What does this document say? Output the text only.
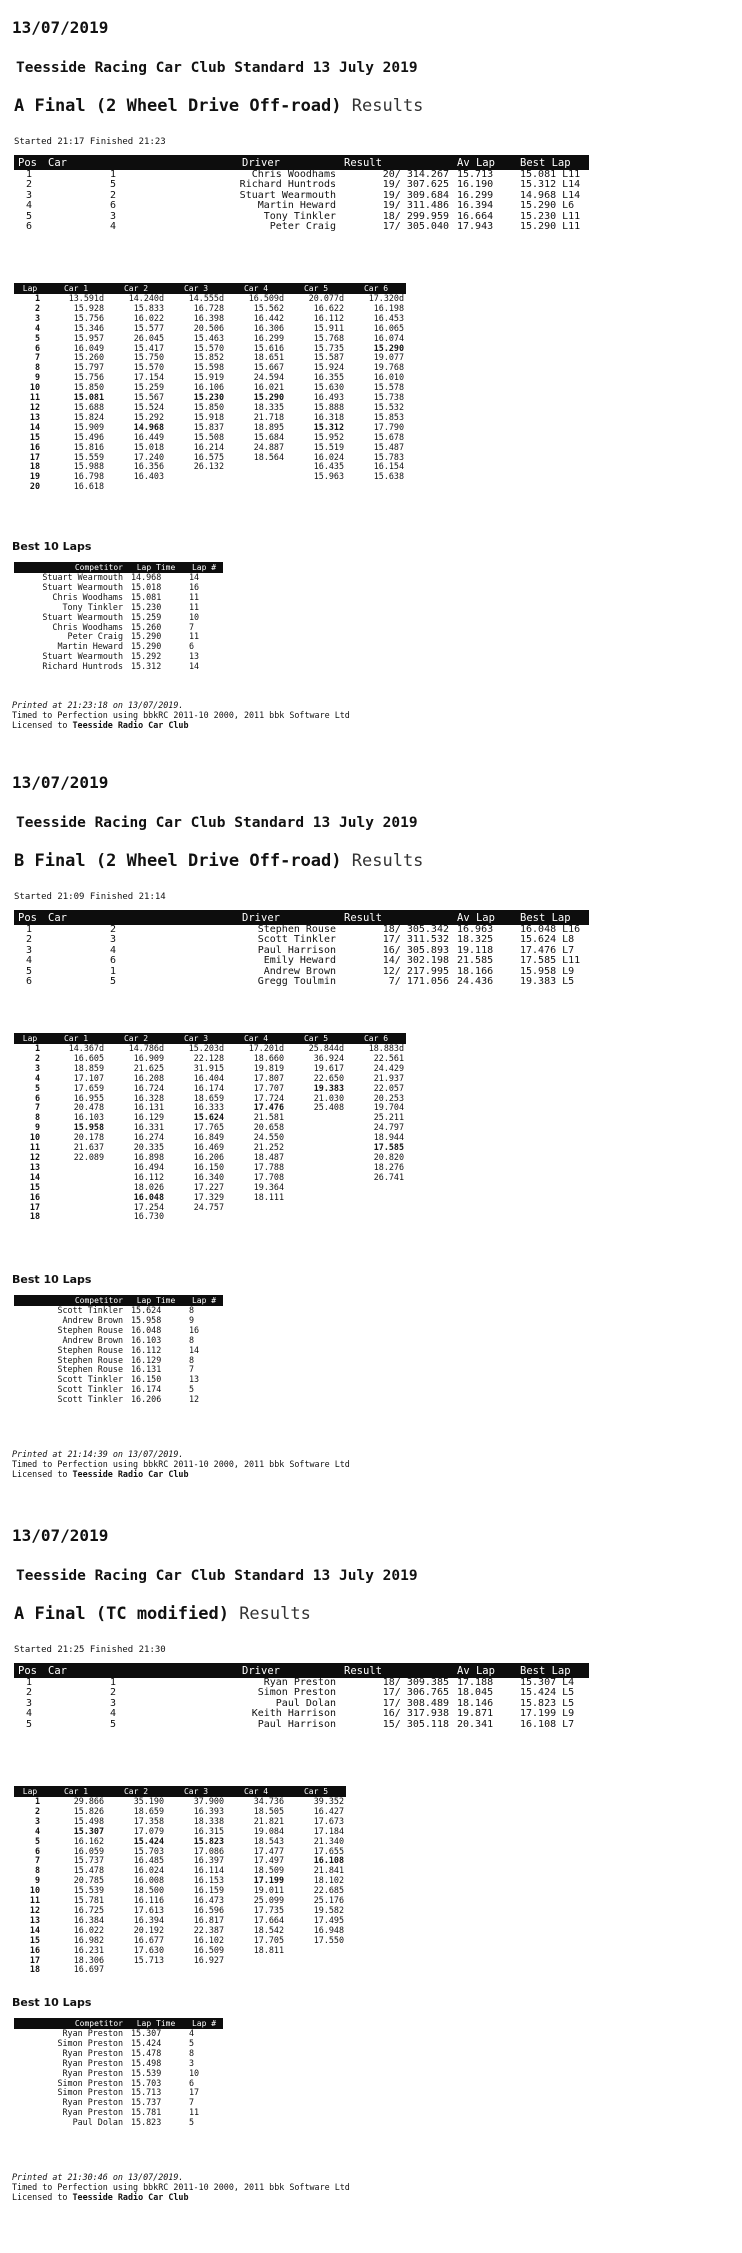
13/07/2019
Teesside Racing Car Club Standard 13 July 2019
A Final (2 Wheel Drive Off-road) Results
Started 21:17 Finished 21:23
Pos	Car	Driver	Result	Av Lap	Best Lap
1	1	Chris Woodhams	20/ 314.267	15.713	15.081 L11
2	5	Richard Huntrods	19/ 307.625	16.190	15.312 L14
3	2	Stuart Wearmouth	19/ 309.684	16.299	14.968 L14
4	6	Martin Heward	19/ 311.486	16.394	15.290 L6
5	3	Tony Tinkler	18/ 299.959	16.664	15.230 L11
6	4	Peter Craig	17/ 305.040	17.943	15.290 L11
Lap	Car 1	Car 2	Car 3	Car 4	Car 5	Car 6
1	13.591d	14.240d	14.555d	16.509d	20.077d	17.320d
2	15.928	15.833	16.728	15.562	16.622	16.198
3	15.756	16.022	16.398	16.442	16.112	16.453
4	15.346	15.577	20.506	16.306	15.911	16.065
5	15.957	26.045	15.463	16.299	15.768	16.074
6	16.049	15.417	15.570	15.616	15.735	15.290
7	15.260	15.750	15.852	18.651	15.587	19.077
8	15.797	15.570	15.598	15.667	15.924	19.768
9	15.756	17.154	15.919	24.594	16.355	16.010
10	15.850	15.259	16.106	16.021	15.630	15.578
11	15.081	15.567	15.230	15.290	16.493	15.738
12	15.688	15.524	15.850	18.335	15.888	15.532
13	15.824	15.292	15.918	21.718	16.318	15.853
14	15.909	14.968	15.837	18.895	15.312	17.790
15	15.496	16.449	15.508	15.684	15.952	15.678
16	15.816	15.018	16.214	24.887	15.519	15.487
17	15.559	17.240	16.575	18.564	16.024	15.783
18	15.988	16.356	26.132		16.435	16.154
19	16.798	16.403			15.963	15.638
20	16.618					
Best 10 Laps
Competitor	Lap Time	Lap #
Stuart Wearmouth	14.968	14
Stuart Wearmouth	15.018	16
Chris Woodhams	15.081	11
Tony Tinkler	15.230	11
Stuart Wearmouth	15.259	10
Chris Woodhams	15.260	7
Peter Craig	15.290	11
Martin Heward	15.290	6
Stuart Wearmouth	15.292	13
Richard Huntrods	15.312	14
Printed at 21:23:18 on 13/07/2019.
Timed to Perfection using bbkRC 2011-10 2000, 2011 bbk Software Ltd
Licensed to Teesside Radio Car Club
13/07/2019
Teesside Racing Car Club Standard 13 July 2019
B Final (2 Wheel Drive Off-road) Results
Started 21:09 Finished 21:14
Pos	Car	Driver	Result	Av Lap	Best Lap
1	2	Stephen Rouse	18/ 305.342	16.963	16.048 L16
2	3	Scott Tinkler	17/ 311.532	18.325	15.624 L8
3	4	Paul Harrison	16/ 305.893	19.118	17.476 L7
4	6	Emily Heward	14/ 302.198	21.585	17.585 L11
5	1	Andrew Brown	12/ 217.995	18.166	15.958 L9
6	5	Gregg Toulmin	7/ 171.056	24.436	19.383 L5
Lap	Car 1	Car 2	Car 3	Car 4	Car 5	Car 6
1	14.367d	14.786d	15.203d	17.201d	25.844d	18.883d
2	16.605	16.909	22.128	18.660	36.924	22.561
3	18.859	21.625	31.915	19.819	19.617	24.429
4	17.107	16.208	16.404	17.807	22.650	21.937
5	17.659	16.724	16.174	17.707	19.383	22.057
6	16.955	16.328	18.659	17.724	21.030	20.253
7	20.478	16.131	16.333	17.476	25.408	19.704
8	16.103	16.129	15.624	21.581		25.211
9	15.958	16.331	17.765	20.658		24.797
10	20.178	16.274	16.849	24.550		18.944
11	21.637	20.335	16.469	21.252		17.585
12	22.089	16.898	16.206	18.487		20.820
13		16.494	16.150	17.788		18.276
14		16.112	16.340	17.708		26.741
15		18.026	17.227	19.364		
16		16.048	17.329	18.111		
17		17.254	24.757			
18		16.730				
Best 10 Laps
Competitor	Lap Time	Lap #
Scott Tinkler	15.624	8
Andrew Brown	15.958	9
Stephen Rouse	16.048	16
Andrew Brown	16.103	8
Stephen Rouse	16.112	14
Stephen Rouse	16.129	8
Stephen Rouse	16.131	7
Scott Tinkler	16.150	13
Scott Tinkler	16.174	5
Scott Tinkler	16.206	12
Printed at 21:14:39 on 13/07/2019.
Timed to Perfection using bbkRC 2011-10 2000, 2011 bbk Software Ltd
Licensed to Teesside Radio Car Club
13/07/2019
Teesside Racing Car Club Standard 13 July 2019
A Final (TC modified) Results
Started 21:25 Finished 21:30
Pos	Car	Driver	Result	Av Lap	Best Lap
1	1	Ryan Preston	18/ 309.385	17.188	15.307 L4
2	2	Simon Preston	17/ 306.765	18.045	15.424 L5
3	3	Paul Dolan	17/ 308.489	18.146	15.823 L5
4	4	Keith Harrison	16/ 317.938	19.871	17.199 L9
5	5	Paul Harrison	15/ 305.118	20.341	16.108 L7
Lap	Car 1	Car 2	Car 3	Car 4	Car 5
1	29.866	35.190	37.900	34.736	39.352
2	15.826	18.659	16.393	18.505	16.427
3	15.498	17.358	18.338	21.821	17.673
4	15.307	17.079	16.315	19.084	17.184
5	16.162	15.424	15.823	18.543	21.340
6	16.059	15.703	17.086	17.477	17.655
7	15.737	16.485	16.397	17.497	16.108
8	15.478	16.024	16.114	18.509	21.841
9	20.785	16.008	16.153	17.199	18.102
10	15.539	18.500	16.159	19.011	22.685
11	15.781	16.116	16.473	25.099	25.176
12	16.725	17.613	16.596	17.735	19.582
13	16.384	16.394	16.817	17.664	17.495
14	16.022	20.192	22.387	18.542	16.948
15	16.982	16.677	16.102	17.705	17.550
16	16.231	17.630	16.509	18.811	
17	18.306	15.713	16.927		
18	16.697				
Best 10 Laps
Competitor	Lap Time	Lap #
Ryan Preston	15.307	4
Simon Preston	15.424	5
Ryan Preston	15.478	8
Ryan Preston	15.498	3
Ryan Preston	15.539	10
Simon Preston	15.703	6
Simon Preston	15.713	17
Ryan Preston	15.737	7
Ryan Preston	15.781	11
Paul Dolan	15.823	5
Printed at 21:30:46 on 13/07/2019.
Timed to Perfection using bbkRC 2011-10 2000, 2011 bbk Software Ltd
Licensed to Teesside Radio Car Club
